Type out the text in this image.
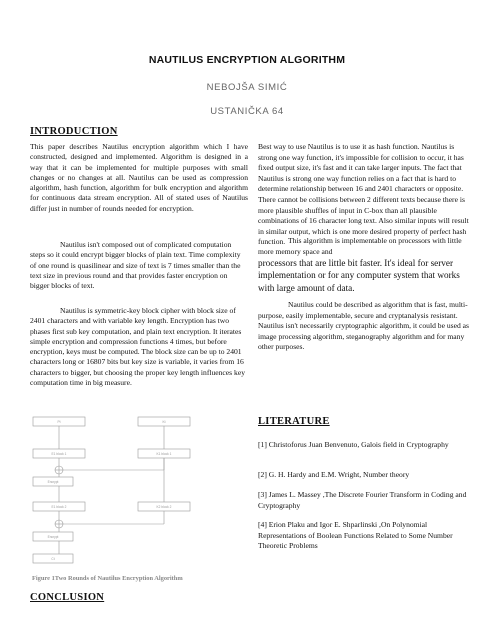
NAUTILUS ENCRYPTION ALGORITHM
NEBOJŠA SIMIĆ
USTANIČKA 64
INTRODUCTION
This paper describes Nautilus encryption algorithm which I have constructed, designed and implemented. Algorithm is designed in a way that it can be implemented for multiple purposes with small changes or no changes at all. Nautilus can be used as compression algorithm, hash function, algorithm for bulk encryption and algorithm for continuous data stream encryption. All of stated uses of Nautilus differ just in number of rounds needed for encryption.
Nautilus isn't composed out of complicated computation steps so it could encrypt bigger blocks of plain text. Time complexity of one round is quasilinear and size of text is 7 times smaller than the text size in previous round and that provides faster encryption on bigger blocks of text.
Nautilus is symmetric-key block cipher with block size of 2401 characters and with variable key length. Encryption has two phases first sub key computation, and plain text encryption. It iterates simple encryption and compression functions 4 times, but before encryption, keys must be computed. The block size can be up to 2401 characters long or 16807 bits but key size is variable, it varies from 16 characters to bigger, but choosing the proper key length influences key computation time in big measure.
Pt	Kt
E1 block 1	K1 block 1
Encrypt
E1 block 2	K2 block 2
Encrypt
Ct
Figure 1Two Rounds of Nautilus Encryption Algorithm
CONCLUSION
Best way to use Nautilus is to use it as hash function. Nautilus is strong one way function, it's impossible for collision to occur, it has fixed output size, it's fast and it can take larger inputs. The fact that Nautilus is strong one way function relies on a fact that is hard to determine relationship between 16 and 2401 characters or opposite. There cannot be collisions between 2 different texts because there is more plausible shuffles of input in C-box than all plausible combinations of 16 character long text. Also similar inputs will result in similar output, which is one more desired property of perfect hash function. This algorithm is implementable on processors with little more memory space and
processors that are little bit faster. It's ideal for server implementation or for any computer system that works with large amount of data.
Nautilus could be described as algorithm that is fast, multi-purpose, easily implementable, secure and cryptanalysis resistant. Nautilus isn't necessarily cryptographic algorithm, it could be used as image processing algorithm, steganography algorithm and for many other purposes.
LITERATURE
[1] Christoforus Juan Benvenuto, Galois field in Cryptography
[2] G. H. Hardy and E.M. Wright, Number theory
[3] James L. Massey ,The Discrete Fourier Transform in Coding and Cryptography
[4] Erion Plaku and Igor E. Shparlinski ,On Polynomial Representations of Boolean Functions Related to Some Number Theoretic Problems
